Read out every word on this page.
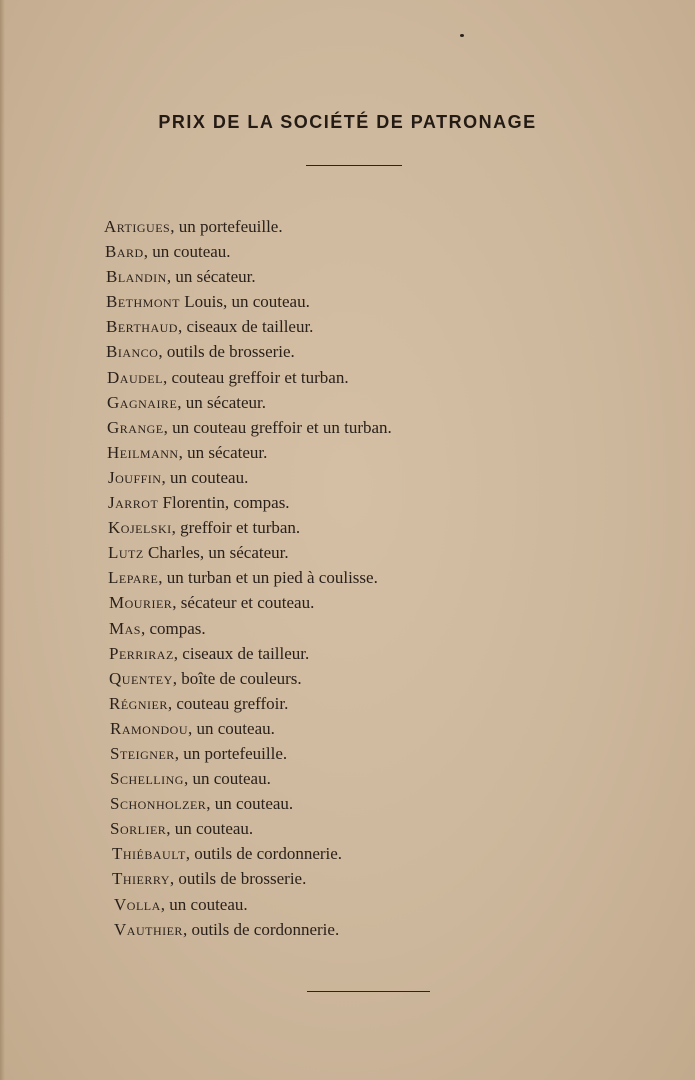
PRIX DE LA SOCIÉTÉ DE PATRONAGE
Artigues, un portefeuille.
Bard, un couteau.
Blandin, un sécateur.
Bethmont Louis, un couteau.
Berthaud, ciseaux de tailleur.
Bianco, outils de brosserie.
Daudel, couteau greffoir et turban.
Gagnaire, un sécateur.
Grange, un couteau greffoir et un turban.
Heilmann, un sécateur.
Jouffin, un couteau.
Jarrot Florentin, compas.
Kojelski, greffoir et turban.
Lutz Charles, un sécateur.
Lepare, un turban et un pied à coulisse.
Mourier, sécateur et couteau.
Mas, compas.
Perriraz, ciseaux de tailleur.
Quentey, boîte de couleurs.
Régnier, couteau greffoir.
Ramondou, un couteau.
Steigner, un portefeuille.
Schelling, un couteau.
Schonholzer, un couteau.
Sorlier, un couteau.
Thiébault, outils de cordonnerie.
Thierry, outils de brosserie.
Volla, un couteau.
Vauthier, outils de cordonnerie.
